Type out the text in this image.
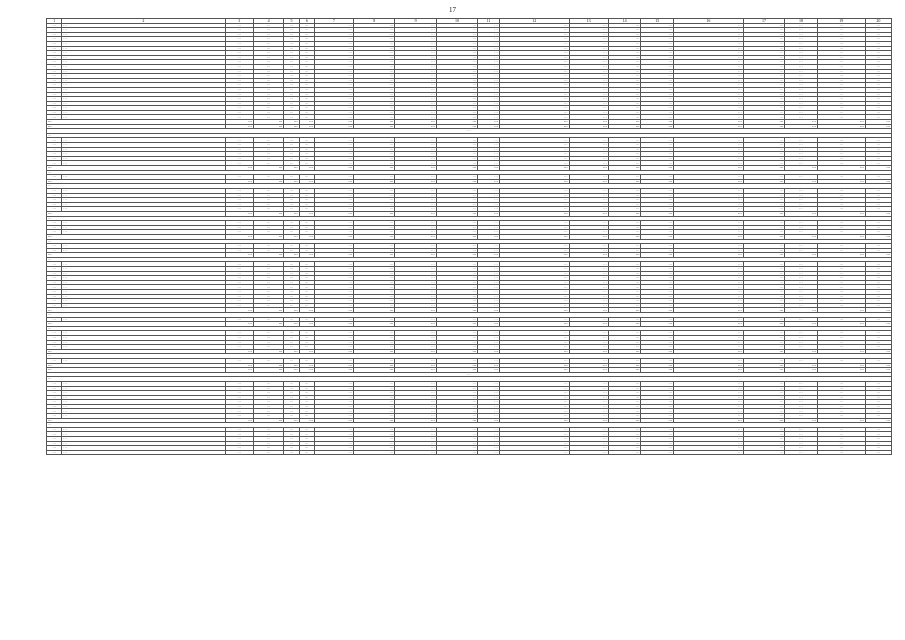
17
1	2	3	4	5	6	7	8	9	10	11	12	13	14	15	16	17	18	19	20
…	…	…	…	…	…	…	…	…	…	…	…	…	…	…	…	…	…	…	…
…	…	…	…	…	…	…	…	…	…	…	…	…	…	…	…	…	…	…	…
…	…	…	…	…	…	…	…	…	…	…	…	…	…	…	…	…	…	…	…
…	…	…	…	…	…	…	…	…	…	…	…	…	…	…	…	…	…	…	…
…	…	…	…	…	…	…	…	…	…	…	…	…	…	…	…	…	…	…	…
…	…	…	…	…	…	…	…	…	…	…	…	…	…	…	…	…	…	…	…
…	…	…	…	…	…	…	…	…	…	…	…	…	…	…	…	…	…	…	…
…	…	…	…	…	…	…	…	…	…	…	…	…	…	…	…	…	…	…	…
…	…	…	…	…	…	…	…	…	…	…	…	…	…	…	…	…	…	…	…
…	…	…	…	…	…	…	…	…	…	…	…	…	…	…	…	…	…	…	…
…	…	…	…	…	…	…	…	…	…	…	…	…	…	…	…	…	…	…	…
…	…	…	…	…	…	…	…	…	…	…	…	…	…	…	…	…	…	…	…
…	…	…	…	…	…	…	…	…	…	…	…	…	…	…	…	…	…	…	…
…	…	…	…	…	…	…	…	…	…	…	…	…	…	…	…	…	…	…	…
…	…	…	…	…	…	…	…	…	…	…	…	…	…	…	…	…	…	…	…
…	…	…	…	…	…	…	…	…	…	…	…	…	…	…	…	…	…	…	…
…	…	…	…	…	…	…	…	…	…	…	…	…	…	…	…	…	…	…	…
…	…	…	…	…	…	…	…	…	…	…	…	…	…	…	…	…	…	…	…
…	…	…	…	…	…	…	…	…	…	…	…	…	…	…	…	…	…	…	…
…	…	…	…	…	…	…	…	…	…	…	…	…	…	…	…	…	…	…	…
…	…	…	…	…	…	…	…	…	…	…	…	…	…	…	…	…	…	…	…
…		…	…	…	…	…	…	…	…	…	…	…	…	…	…	…	…	…	…
…		…	…	…	…	…	…	…	…	…	…	…	…	…	…	…	…	…	…
…																			
…																			
…	…	…	…	…	…	…	…	…	…	…	…	…	…	…	…	…	…	…	…
…	…	…	…	…	…	…	…	…	…	…	…	…	…	…	…	…	…	…	…
…	…	…	…	…	…	…	…	…	…	…	…	…	…	…	…	…	…	…	…
…	…	…	…	…	…	…	…	…	…	…	…	…	…	…	…	…	…	…	…
…	…	…	…	…	…	…	…	…	…	…	…	…	…	…	…	…	…	…	…
…	…	…	…	…	…	…	…	…	…	…	…	…	…	…	…	…	…	…	…
…		…	…	…	…	…	…	…	…	…	…	…	…	…	…	…	…	…	…
…																			
…	…	…	…	…	…	…	…	…	…	…	…	…	…	…	…	…	…	…	…
…		…	…	…	…	…	…	…	…	…	…	…	…	…	…	…	…	…	…
…																			
…	…	…	…	…	…	…	…	…	…	…	…	…	…	…	…	…	…	…	…
…	…	…	…	…	…	…	…	…	…	…	…	…	…	…	…	…	…	…	…
…	…	…	…	…	…	…	…	…	…	…	…	…	…	…	…	…	…	…	…
…	…	…	…	…	…	…	…	…	…	…	…	…	…	…	…	…	…	…	…
…	…	…	…	…	…	…	…	…	…	…	…	…	…	…	…	…	…	…	…
…		…	…	…	…	…	…	…	…	…	…	…	…	…	…	…	…	…	…
…																			
…	…	…	…	…	…	…	…	…	…	…	…	…	…	…	…	…	…	…	…
…	…	…	…	…	…	…	…	…	…	…	…	…	…	…	…	…	…	…	…
…	…	…	…	…	…	…	…	…	…	…	…	…	…	…	…	…	…	…	…
…		…	…	…	…	…	…	…	…	…	…	…	…	…	…	…	…	…	…
…																			
…	…	…	…	…	…	…	…	…	…	…	…	…	…	…	…	…	…	…	…
…	…	…	…	…	…	…	…	…	…	…	…	…	…	…	…	…	…	…	…
…		…	…	…	…	…	…	…	…	…	…	…	…	…	…	…	…	…	…
…																			
…	…	…	…	…	…	…	…	…	…	…	…	…	…	…	…	…	…	…	…
…	…	…	…	…	…	…	…	…	…	…	…	…	…	…	…	…	…	…	…
…	…	…	…	…	…	…	…	…	…	…	…	…	…	…	…	…	…	…	…
…	…	…	…	…	…	…	…	…	…	…	…	…	…	…	…	…	…	…	…
…	…	…	…	…	…	…	…	…	…	…	…	…	…	…	…	…	…	…	…
…	…	…	…	…	…	…	…	…	…	…	…	…	…	…	…	…	…	…	…
…	…	…	…	…	…	…	…	…	…	…	…	…	…	…	…	…	…	…	…
…	…	…	…	…	…	…	…	…	…	…	…	…	…	…	…	…	…	…	…
…	…	…	…	…	…	…	…	…	…	…	…	…	…	…	…	…	…	…	…
…	…	…	…	…	…	…	…	…	…	…	…	…	…	…	…	…	…	…	…
…		…	…	…	…	…	…	…	…	…	…	…	…	…	…	…	…	…	…
…																			
…	…	…	…	…	…	…	…	…	…	…	…	…	…	…	…	…	…	…	…
…		…	…	…	…	…	…	…	…	…	…	…	…	…	…	…	…	…	…
…																			
…	…	…	…	…	…	…	…	…	…	…	…	…	…	…	…	…	…	…	…
…	…	…	…	…	…	…	…	…	…	…	…	…	…	…	…	…	…	…	…
…	…	…	…	…	…	…	…	…	…	…	…	…	…	…	…	…	…	…	…
…	…	…	…	…	…	…	…	…	…	…	…	…	…	…	…	…	…	…	…
…		…	…	…	…	…	…	…	…	…	…	…	…	…	…	…	…	…	…
…																			
…	…	…	…	…	…	…	…	…	…	…	…	…	…	…	…	…	…	…	…
…		…	…	…	…	…	…	…	…	…	…	…	…	…	…	…	…	…	…
…		…	…	…	…	…	…	…	…	…	…	…	…	…	…	…	…	…	…
…																			
…																			
…	…	…	…	…	…	…	…	…	…	…	…	…	…	…	…	…	…	…	…
…	…	…	…	…	…	…	…	…	…	…	…	…	…	…	…	…	…	…	…
…	…	…	…	…	…	…	…	…	…	…	…	…	…	…	…	…	…	…	…
…	…	…	…	…	…	…	…	…	…	…	…	…	…	…	…	…	…	…	…
…	…	…	…	…	…	…	…	…	…	…	…	…	…	…	…	…	…	…	…
…	…	…	…	…	…	…	…	…	…	…	…	…	…	…	…	…	…	…	…
…	…	…	…	…	…	…	…	…	…	…	…	…	…	…	…	…	…	…	…
…	…	…	…	…	…	…	…	…	…	…	…	…	…	…	…	…	…	…	…
…		…	…	…	…	…	…	…	…	…	…	…	…	…	…	…	…	…	…
…																			
…	…	…	…	…	…	…	…	…	…	…	…	…	…	…	…	…	…	…	…
…	…	…	…	…	…	…	…	…	…	…	…	…	…	…	…	…	…	…	…
…	…	…	…	…	…	…	…	…	…	…	…	…	…	…	…	…	…	…	…
…	…	…	…	…	…	…	…	…	…	…	…	…	…	…	…	…	…	…	…
…	…	…	…	…	…	…	…	…	…	…	…	…	…	…	…	…	…	…	…
…	…	…	…	…	…	…	…	…	…	…	…	…	…	…	…	…	…	…	…
